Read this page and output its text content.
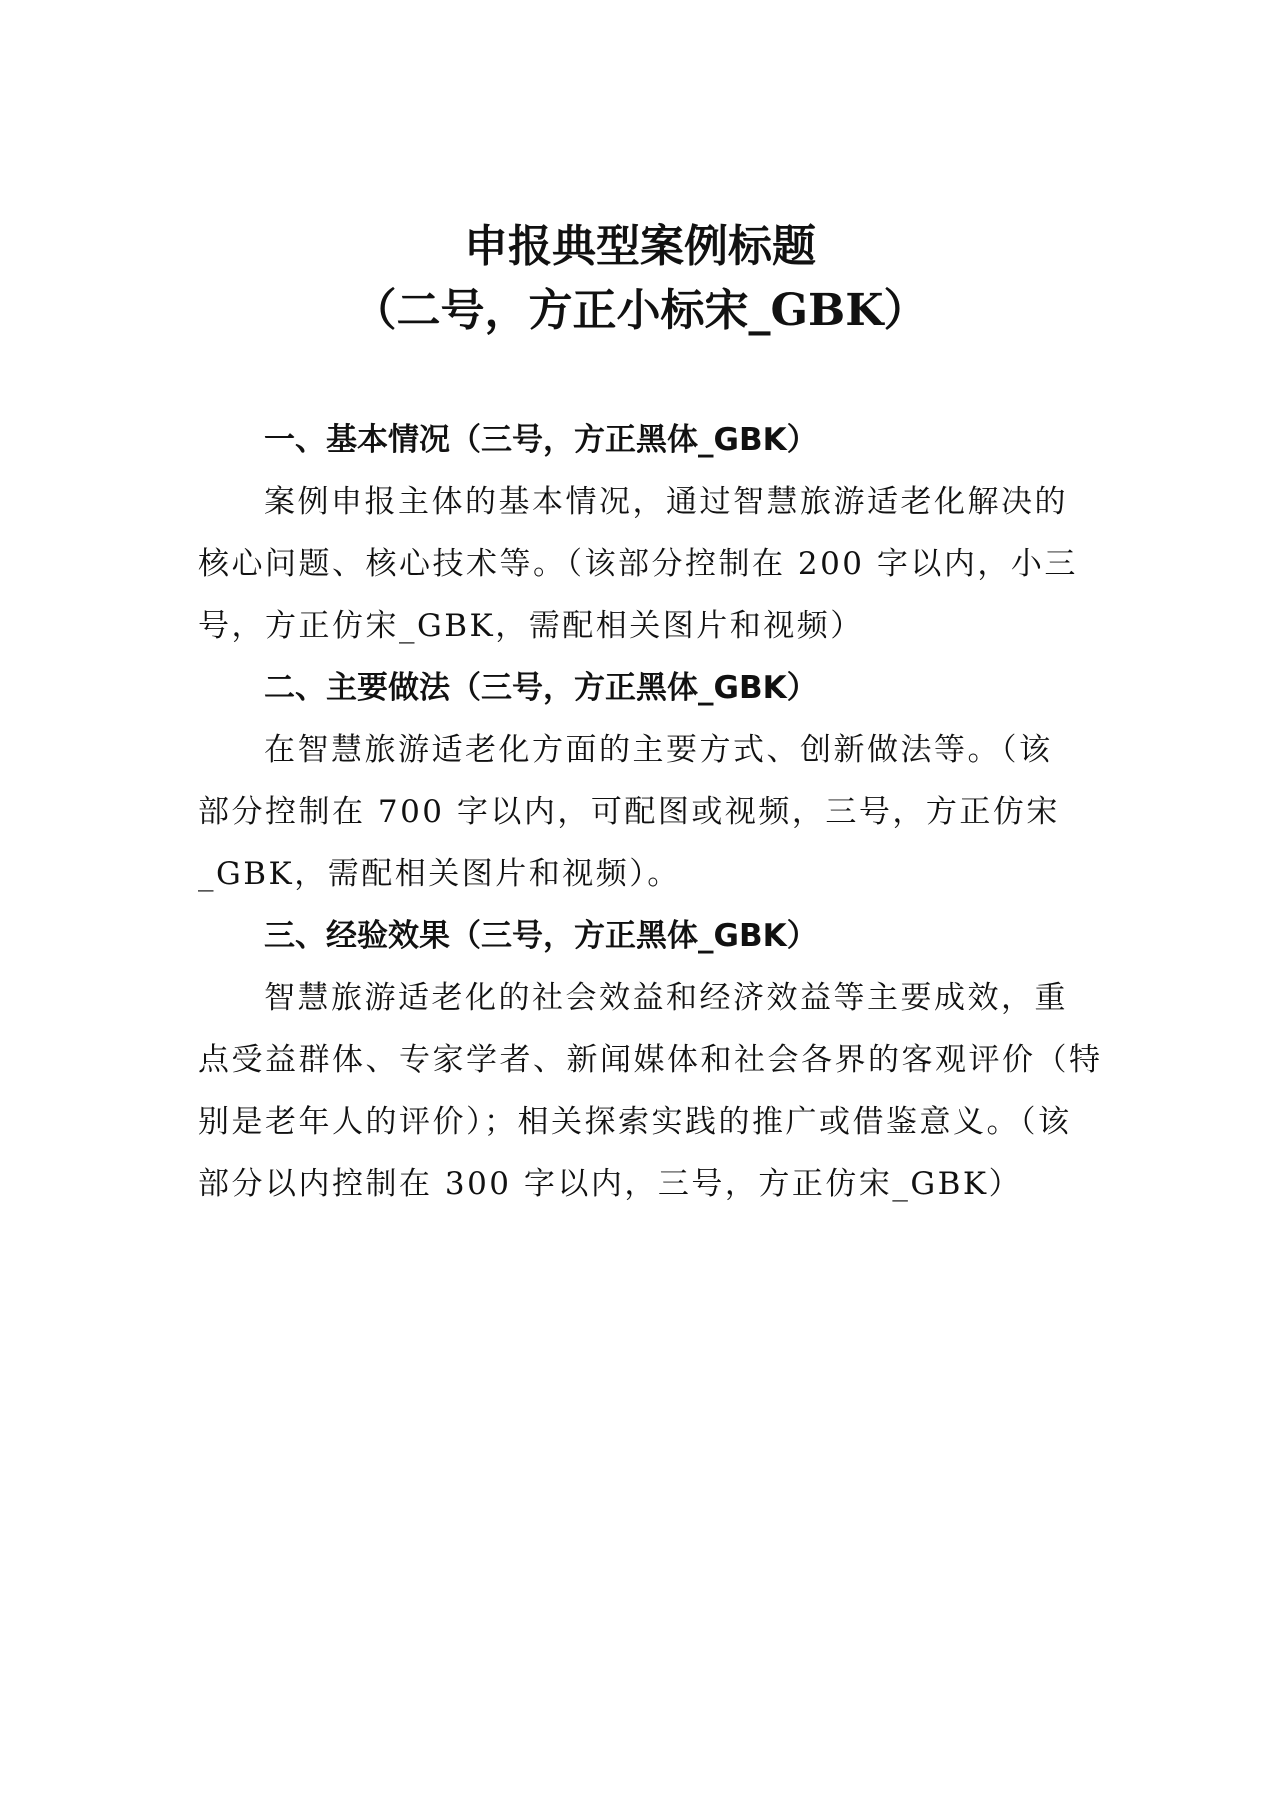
申报典型案例标题
（二号，方正小标宋_GBK）
一、基本情况（三号，方正黑体_GBK）

案例申报主体的基本情况，通过智慧旅游适老化解决的
核心问题、核心技术等。（该部分控制在 200 字以内，小三
号，方正仿宋_GBK，需配相关图片和视频）

二、主要做法（三号，方正黑体_GBK）

在智慧旅游适老化方面的主要方式、创新做法等。（该
部分控制在 700 字以内，可配图或视频，三号，方正仿宋
_GBK，需配相关图片和视频）。

三、经验效果（三号，方正黑体_GBK）

智慧旅游适老化的社会效益和经济效益等主要成效，重
点受益群体、专家学者、新闻媒体和社会各界的客观评价（特
别是老年人的评价）；相关探索实践的推广或借鉴意义。（该
部分以内控制在 300 字以内，三号，方正仿宋_GBK）
